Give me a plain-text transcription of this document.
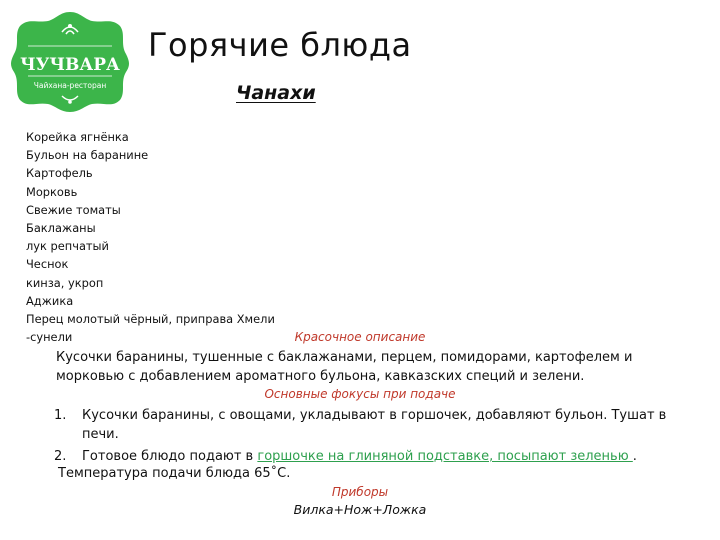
ЧУЧВАРА
Чайхана-ресторан
Горячие блюда
Чанахи
Корейка ягнёнка
Бульон на баранине
Картофель
Морковь
Свежие томаты
Баклажаны
лук репчатый
Чеснок
кинза, укроп
Аджика
Перец молотый чёрный, приправа Хмели
-сунели	Красочное описание

Кусочки баранины, тушенные с баклажанами, перцем, помидорами, картофелем и морковью с добавлением ароматного бульона, кавказских специй и зелени.

Основные фокусы при подаче
1. Кусочки баранины, с овощами, укладывают в горшочек, добавляют бульон. Тушат в печи.
2. Готовое блюдо подают в горшочке на глиняной подставке, посыпают зеленью .

Температура подачи блюда 65˚С.

Приборы
Вилка+Нож+Ложка
